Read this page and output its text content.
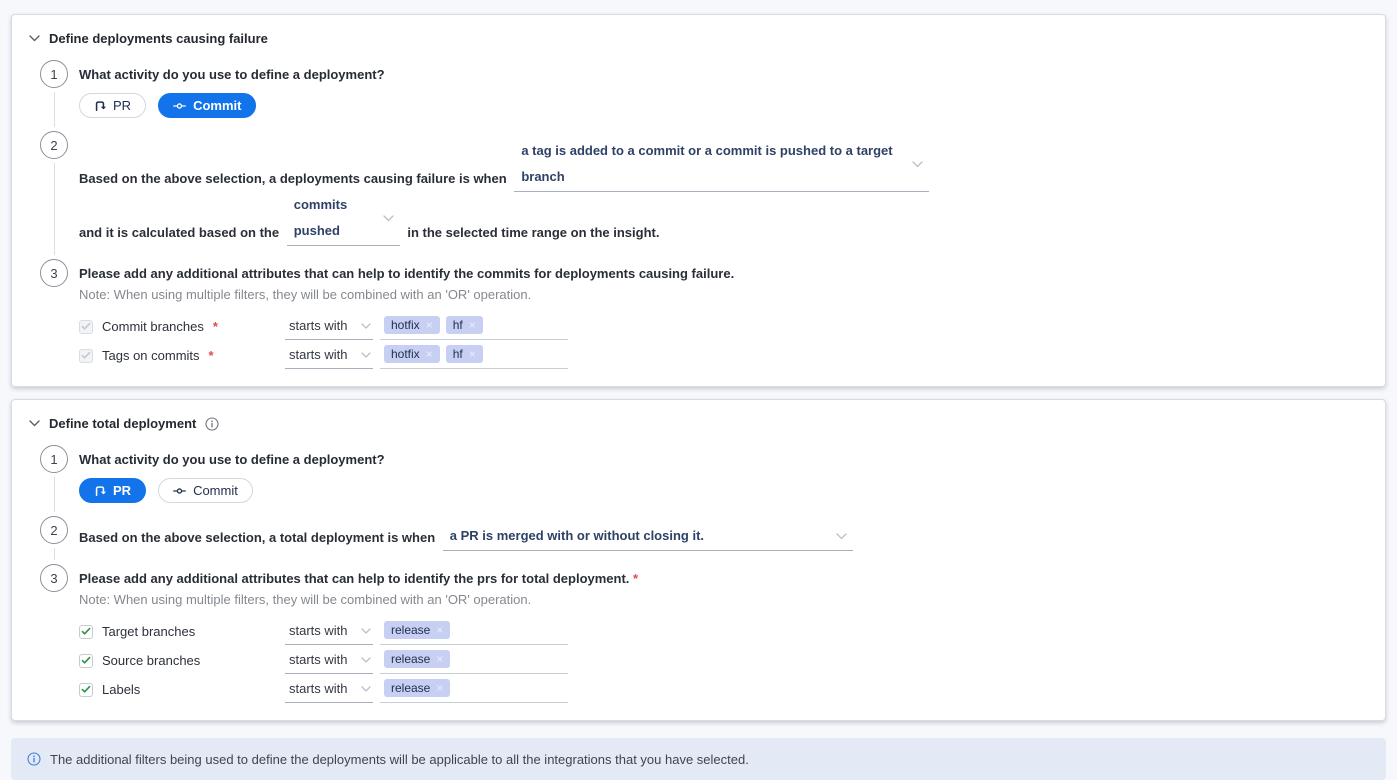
Define deployments causing failure
1	What activity do you use to define a deployment?
PR	Commit
2
Based on the above selection, a deployments causing failure is when
a tag is added to a commit or a commit is pushed to a target branch
and it is calculated based on the
commits pushed	in the selected time range on the insight.
3	Please add any additional attributes that can help to identify the commits for deployments causing failure.
Note: When using multiple filters, they will be combined with an 'OR' operation.
Commit branches *	starts with	hotfix × hf ×
Tags on commits *	starts with	hotfix × hf ×
Define total deployment
1	What activity do you use to define a deployment?
PR	Commit
2	Based on the above selection, a total deployment is when a PR is merged with or without closing it.
3	Please add any additional attributes that can help to identify the prs for total deployment. *
Note: When using multiple filters, they will be combined with an 'OR' operation.
Target branches	starts with	release ×
Source branches	starts with	release ×
Labels	starts with	release ×
The additional filters being used to define the deployments will be applicable to all the integrations that you have selected.
